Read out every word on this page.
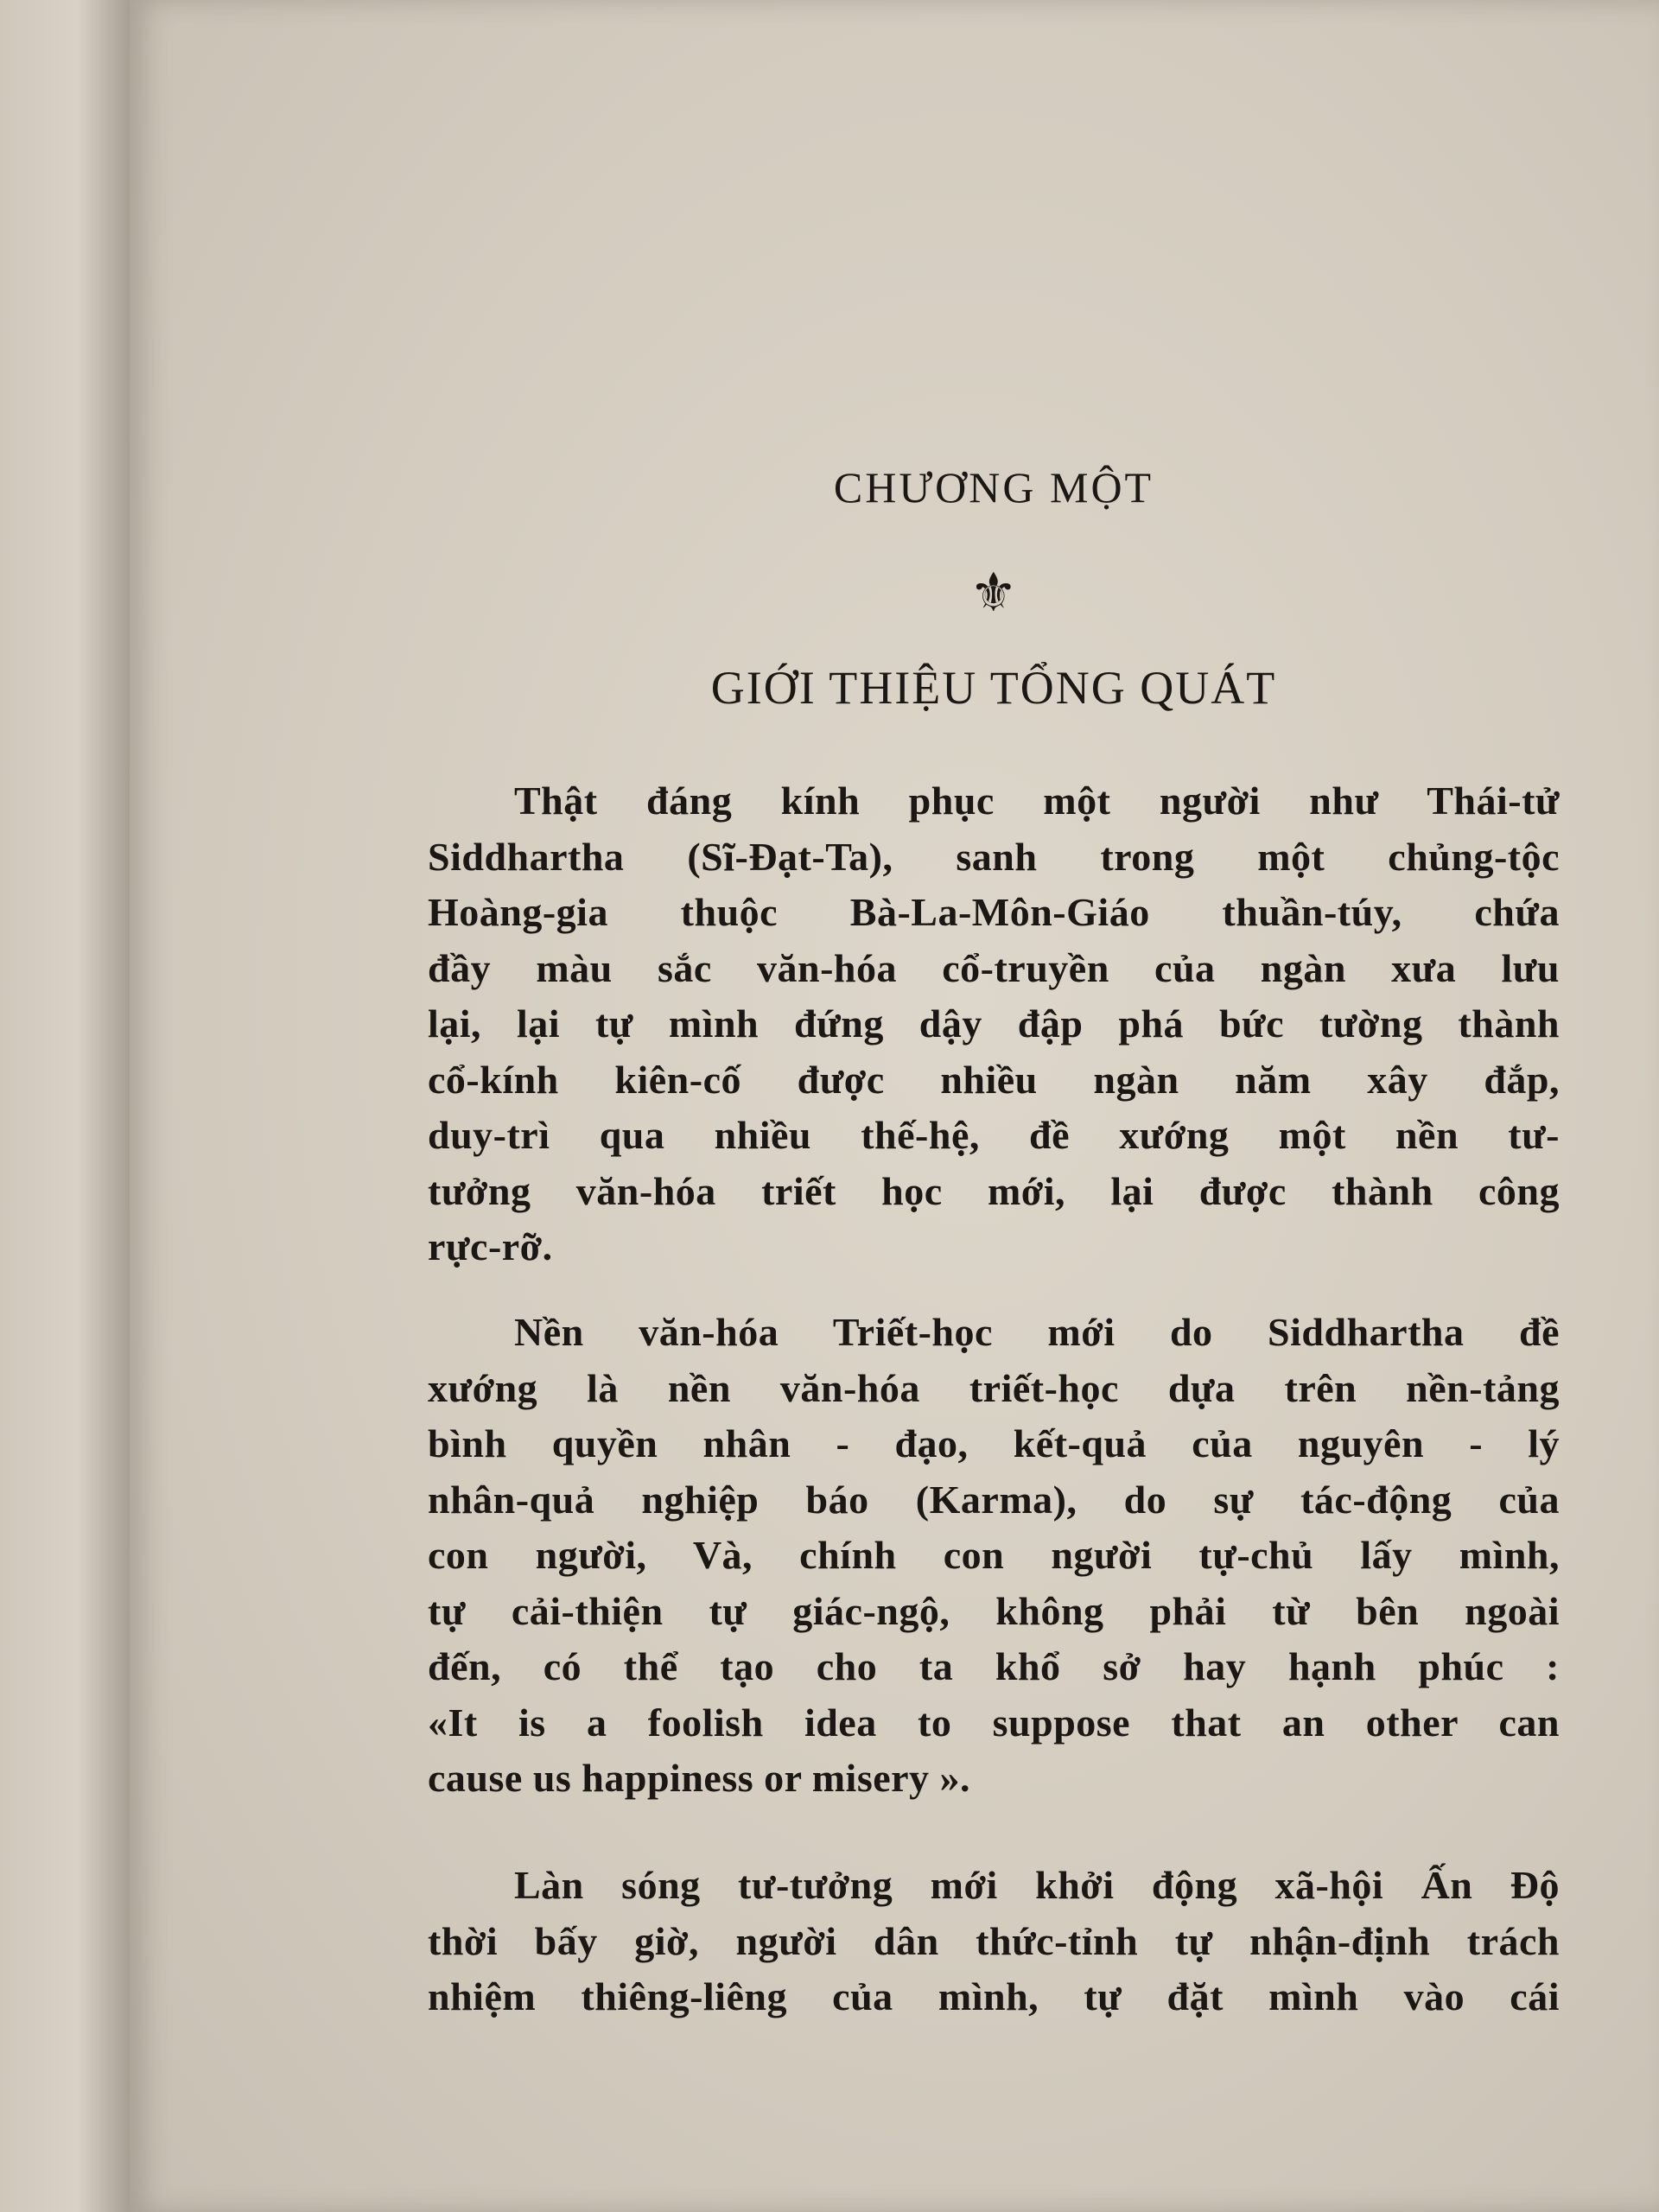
CHƯƠNG MỘT
⚜
GIỚI THIỆU TỔNG QUÁT
Thật đáng kính phục một người như Thái-tử
Siddhartha (Sĩ-Đạt-Ta), sanh trong một chủng-tộc
Hoàng-gia thuộc Bà-La-Môn-Giáo thuần-túy, chứa
đầy màu sắc văn-hóa cổ-truyền của ngàn xưa lưu
lại, lại tự mình đứng dậy đập phá bức tường thành
cổ-kính kiên-cố được nhiều ngàn năm xây đắp,
duy-trì qua nhiều thế-hệ, đề xướng một nền tư-
tưởng văn-hóa triết học mới, lại được thành công
rực-rỡ.
Nền văn-hóa Triết-học mới do Siddhartha đề
xướng là nền văn-hóa triết-học dựa trên nền-tảng
bình quyền nhân - đạo, kết-quả của nguyên - lý
nhân-quả nghiệp báo (Karma), do sự tác-động của
con người, Và, chính con người tự-chủ lấy mình,
tự cải-thiện tự giác-ngộ, không phải từ bên ngoài
đến, có thể tạo cho ta khổ sở hay hạnh phúc :
«It is a foolish idea to suppose that an other can
cause us happiness or misery ».
Làn sóng tư-tưởng mới khởi động xã-hội Ấn Độ
thời bấy giờ, người dân thức-tỉnh tự nhận-định trách
nhiệm thiêng-liêng của mình, tự đặt mình vào cái
